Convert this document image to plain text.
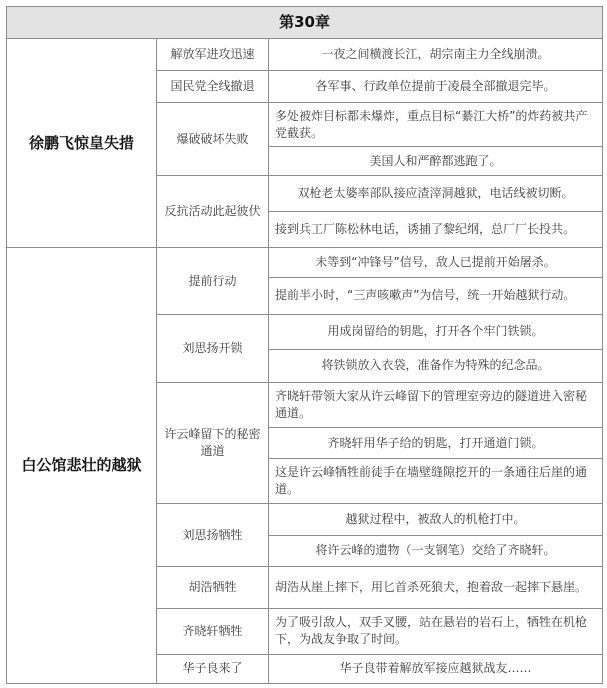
第30章		
徐鹏飞惊皇失措	解放军进攻迅速	一夜之间横渡长江，胡宗南主力全线崩溃。
	国民党全线撤退	各军事、行政单位提前于凌晨全部撤退完毕。
	爆破破坏失败	多处被炸目标都未爆炸，重点目标“綦江大桥”的炸药被共产党截获。
		美国人和严醉都逃跑了。
	反抗活动此起彼伏	双枪老太婆率部队接应渣滓洞越狱，电话线被切断。
		接到兵工厂陈松林电话，诱捕了黎纪纲，总厂厂长投共。
白公馆悲壮的越狱	提前行动	未等到“冲锋号”信号，敌人已提前开始屠杀。
		提前半小时，“三声咳嗽声”为信号，统一开始越狱行动。
	刘思扬开锁	用成岗留给的钥匙，打开各个牢门铁锁。
		将铁锁放入衣袋，准备作为特殊的纪念品。
	许云峰留下的秘密通道	齐晓轩带领大家从许云峰留下的管理室旁边的隧道进入密秘通道。
		齐晓轩用华子给的钥匙，打开通道门锁。
		这是许云峰牺牲前徒手在墙壁缝隙挖开的一条通往后崖的通道。
	刘思扬牺牲	越狱过程中，被敌人的机枪打中。
		将许云峰的遗物（一支钢笔）交给了齐晓轩。
	胡浩牺牲	胡浩从崖上摔下，用匕首杀死狼犬，抱着敌一起摔下悬崖。
	齐晓轩牺牲	为了吸引敌人，双手叉腰，站在悬岩的岩石上，牺牲在机枪下，为战友争取了时间。
	华子良来了	华子良带着解放军接应越狱战友……
